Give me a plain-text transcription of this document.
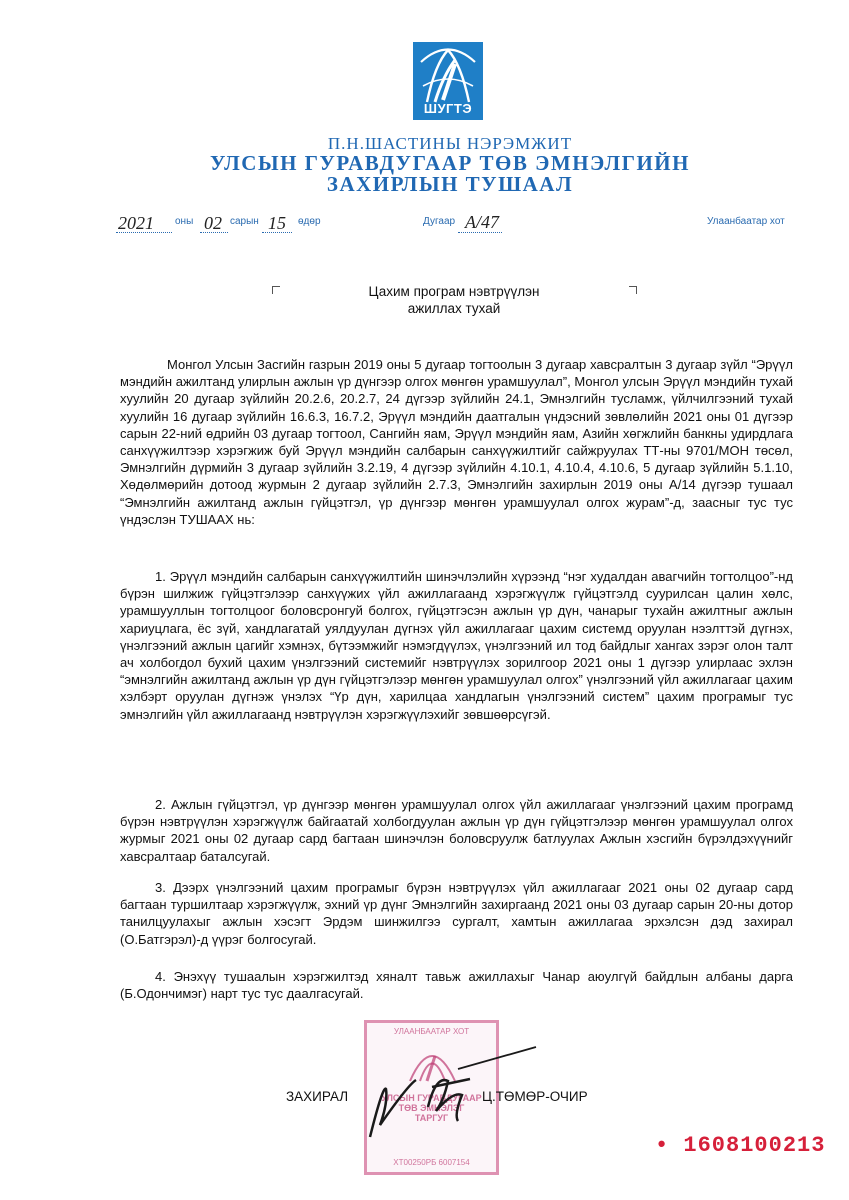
ШУГТЭ
П.Н.ШАСТИНЫ НЭРЭМЖИТ
УЛСЫН ГУРАВДУГААР ТӨВ ЭМНЭЛГИЙН
ЗАХИРЛЫН ТУШААЛ
2021 оны 02 сарын 15 өдөр	Дугаар А/47	Улаанбаатар хот
Цахим програм нэвтрүүлэн
ажиллах тухай

Монгол Улсын Засгийн газрын 2019 оны 5 дугаар тогтоолын 3 дугаар хавсралтын 3 дугаар зүйл “Эрүүл мэндийн ажилтанд улирлын ажлын үр дүнгээр олгох мөнгөн урамшуулал”, Монгол улсын Эрүүл мэндийн тухай хуулийн 20 дугаар зүйлийн 20.2.6, 20.2.7, 24 дүгээр зүйлийн 24.1, Эмнэлгийн тусламж, үйлчилгээний тухай хуулийн 16 дугаар зүйлийн 16.6.3, 16.7.2, Эрүүл мэндийн даатгалын үндэсний зөвлөлийн 2021 оны 01 дүгээр сарын 22-ний өдрийн 03 дугаар тогтоол, Сангийн яам, Эрүүл мэндийн яам, Азийн хөгжлийн банкны удирдлага санхүүжилтээр хэрэгжиж буй Эрүүл мэндийн салбарын санхүүжилтийг сайжруулах ТТ-ны 9701/МОН төсөл, Эмнэлгийн дүрмийн 3 дугаар зүйлийн 3.2.19, 4 дүгээр зүйлийн 4.10.1, 4.10.4, 4.10.6, 5 дугаар зүйлийн 5.1.10, Хөдөлмөрийн дотоод журмын 2 дугаар зүйлийн 2.7.3, Эмнэлгийн захирлын 2019 оны А/14 дүгээр тушаал “Эмнэлгийн ажилтанд ажлын гүйцэтгэл, үр дүнгээр мөнгөн урамшуулал олгох журам”-д, заасныг тус тус үндэслэн ТУШААХ нь:

1. Эрүүл мэндийн салбарын санхүүжилтийн шинэчлэлийн хүрээнд “нэг худалдан авагчийн тогтолцоо”-нд бүрэн шилжиж гүйцэтгэлээр санхүүжих үйл ажиллагаанд хэрэгжүүлж гүйцэтгэлд суурилсан цалин хөлс, урамшууллын тогтолцоог боловсронгуй болгох, гүйцэтгэсэн ажлын үр дүн, чанарыг тухайн ажилтныг ажлын хариуцлага, ёс зүй, хандлагатай уялдуулан дүгнэх үйл ажиллагааг цахим системд оруулан нээлттэй дүгнэх, үнэлгээний ажлын цагийг хэмнэх, бүтээмжийг нэмэгдүүлэх, үнэлгээний ил тод байдлыг хангах зэрэг олон талт ач холбогдол бухий цахим үнэлгээний системийг нэвтрүүлэх зорилгоор 2021 оны 1 дүгээр улирлаас эхлэн “эмнэлгийн ажилтанд ажлын үр дүн гүйцэтгэлээр мөнгөн урамшуулал олгох” үнэлгээний үйл ажиллагааг цахим хэлбэрт оруулан дүгнэж үнэлэх “Үр дүн, харилцаа хандлагын үнэлгээний систем” цахим програмыг тус эмнэлгийн үйл ажиллагаанд нэвтрүүлэн хэрэгжүүлэхийг зөвшөөрсүгэй.

2. Ажлын гүйцэтгэл, үр дүнгээр мөнгөн урамшуулал олгох үйл ажиллагааг үнэлгээний цахим програмд бүрэн нэвтрүүлэн хэрэгжүүлж байгаатай холбогдуулан ажлын үр дүн гүйцэтгэлээр мөнгөн урамшуулал олгох журмыг 2021 оны 02 дугаар сард багтаан шинэчлэн боловсруулж батлуулах Ажлын хэсгийн бүрэлдэхүүнийг хавсралтаар баталсугай.

3. Дээрх үнэлгээний цахим програмыг бүрэн нэвтрүүлэх үйл ажиллагааг 2021 оны 02 дугаар сард багтаан туршилтаар хэрэгжүүлж, эхний үр дүнг Эмнэлгийн захиргаанд 2021 оны 03 дугаар сарын 20-ны дотор танилцуулахыг ажлын хэсэгт Эрдэм шинжилгээ сургалт, хамтын ажиллагаа эрхэлсэн дэд захирал (О.Батгэрэл)-д үүрэг болгосугай.

4. Энэхүү тушаалын хэрэгжилтэд хяналт тавьж ажиллахыг Чанар аюулгүй байдлын албаны дарга (Б.Одончимэг) нарт тус тус даалгасугай.

УЛААНБААТАР ХОТ
УЛСЫН ГУРАВДУГААР ТӨВ ЭМНЭЛЭГ
ТАРГУГ
ХТ00250РБ 6007154
ЗАХИРАЛ	Ц.ТӨМӨР-ОЧИР
• 1608100213
